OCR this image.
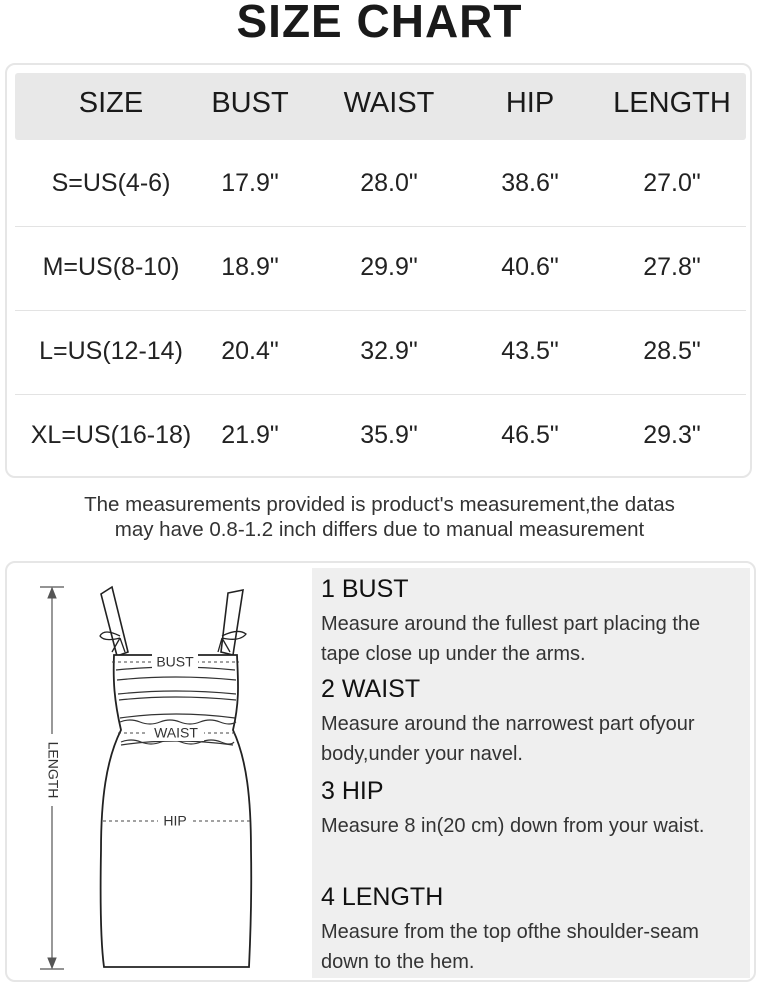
SIZE CHART
SIZE BUST WAIST HIP LENGTH
S=US(4-6) 17.9"	28.0"	38.6"	27.0"
M=US(8-10) 18.9"	29.9"	40.6"	27.8"
L=US(12-14) 20.4"	32.9"	43.5"	28.5"
XL=US(16-18) 21.9"	35.9"	46.5"	29.3"
The measurements provided is product's measurement,the datas
may have 0.8-1.2 inch differs due to manual measurement
LENGTH
BUST
WAIST
HIP
1 BUST

Measure around the fullest part placing the tape close up under the arms.

2 WAIST

Measure around the narrowest part ofyour body,under your navel.

3 HIP

Measure 8 in(20 cm) down from your waist.

4 LENGTH

Measure from the top ofthe shoulder-seam down to the hem.
